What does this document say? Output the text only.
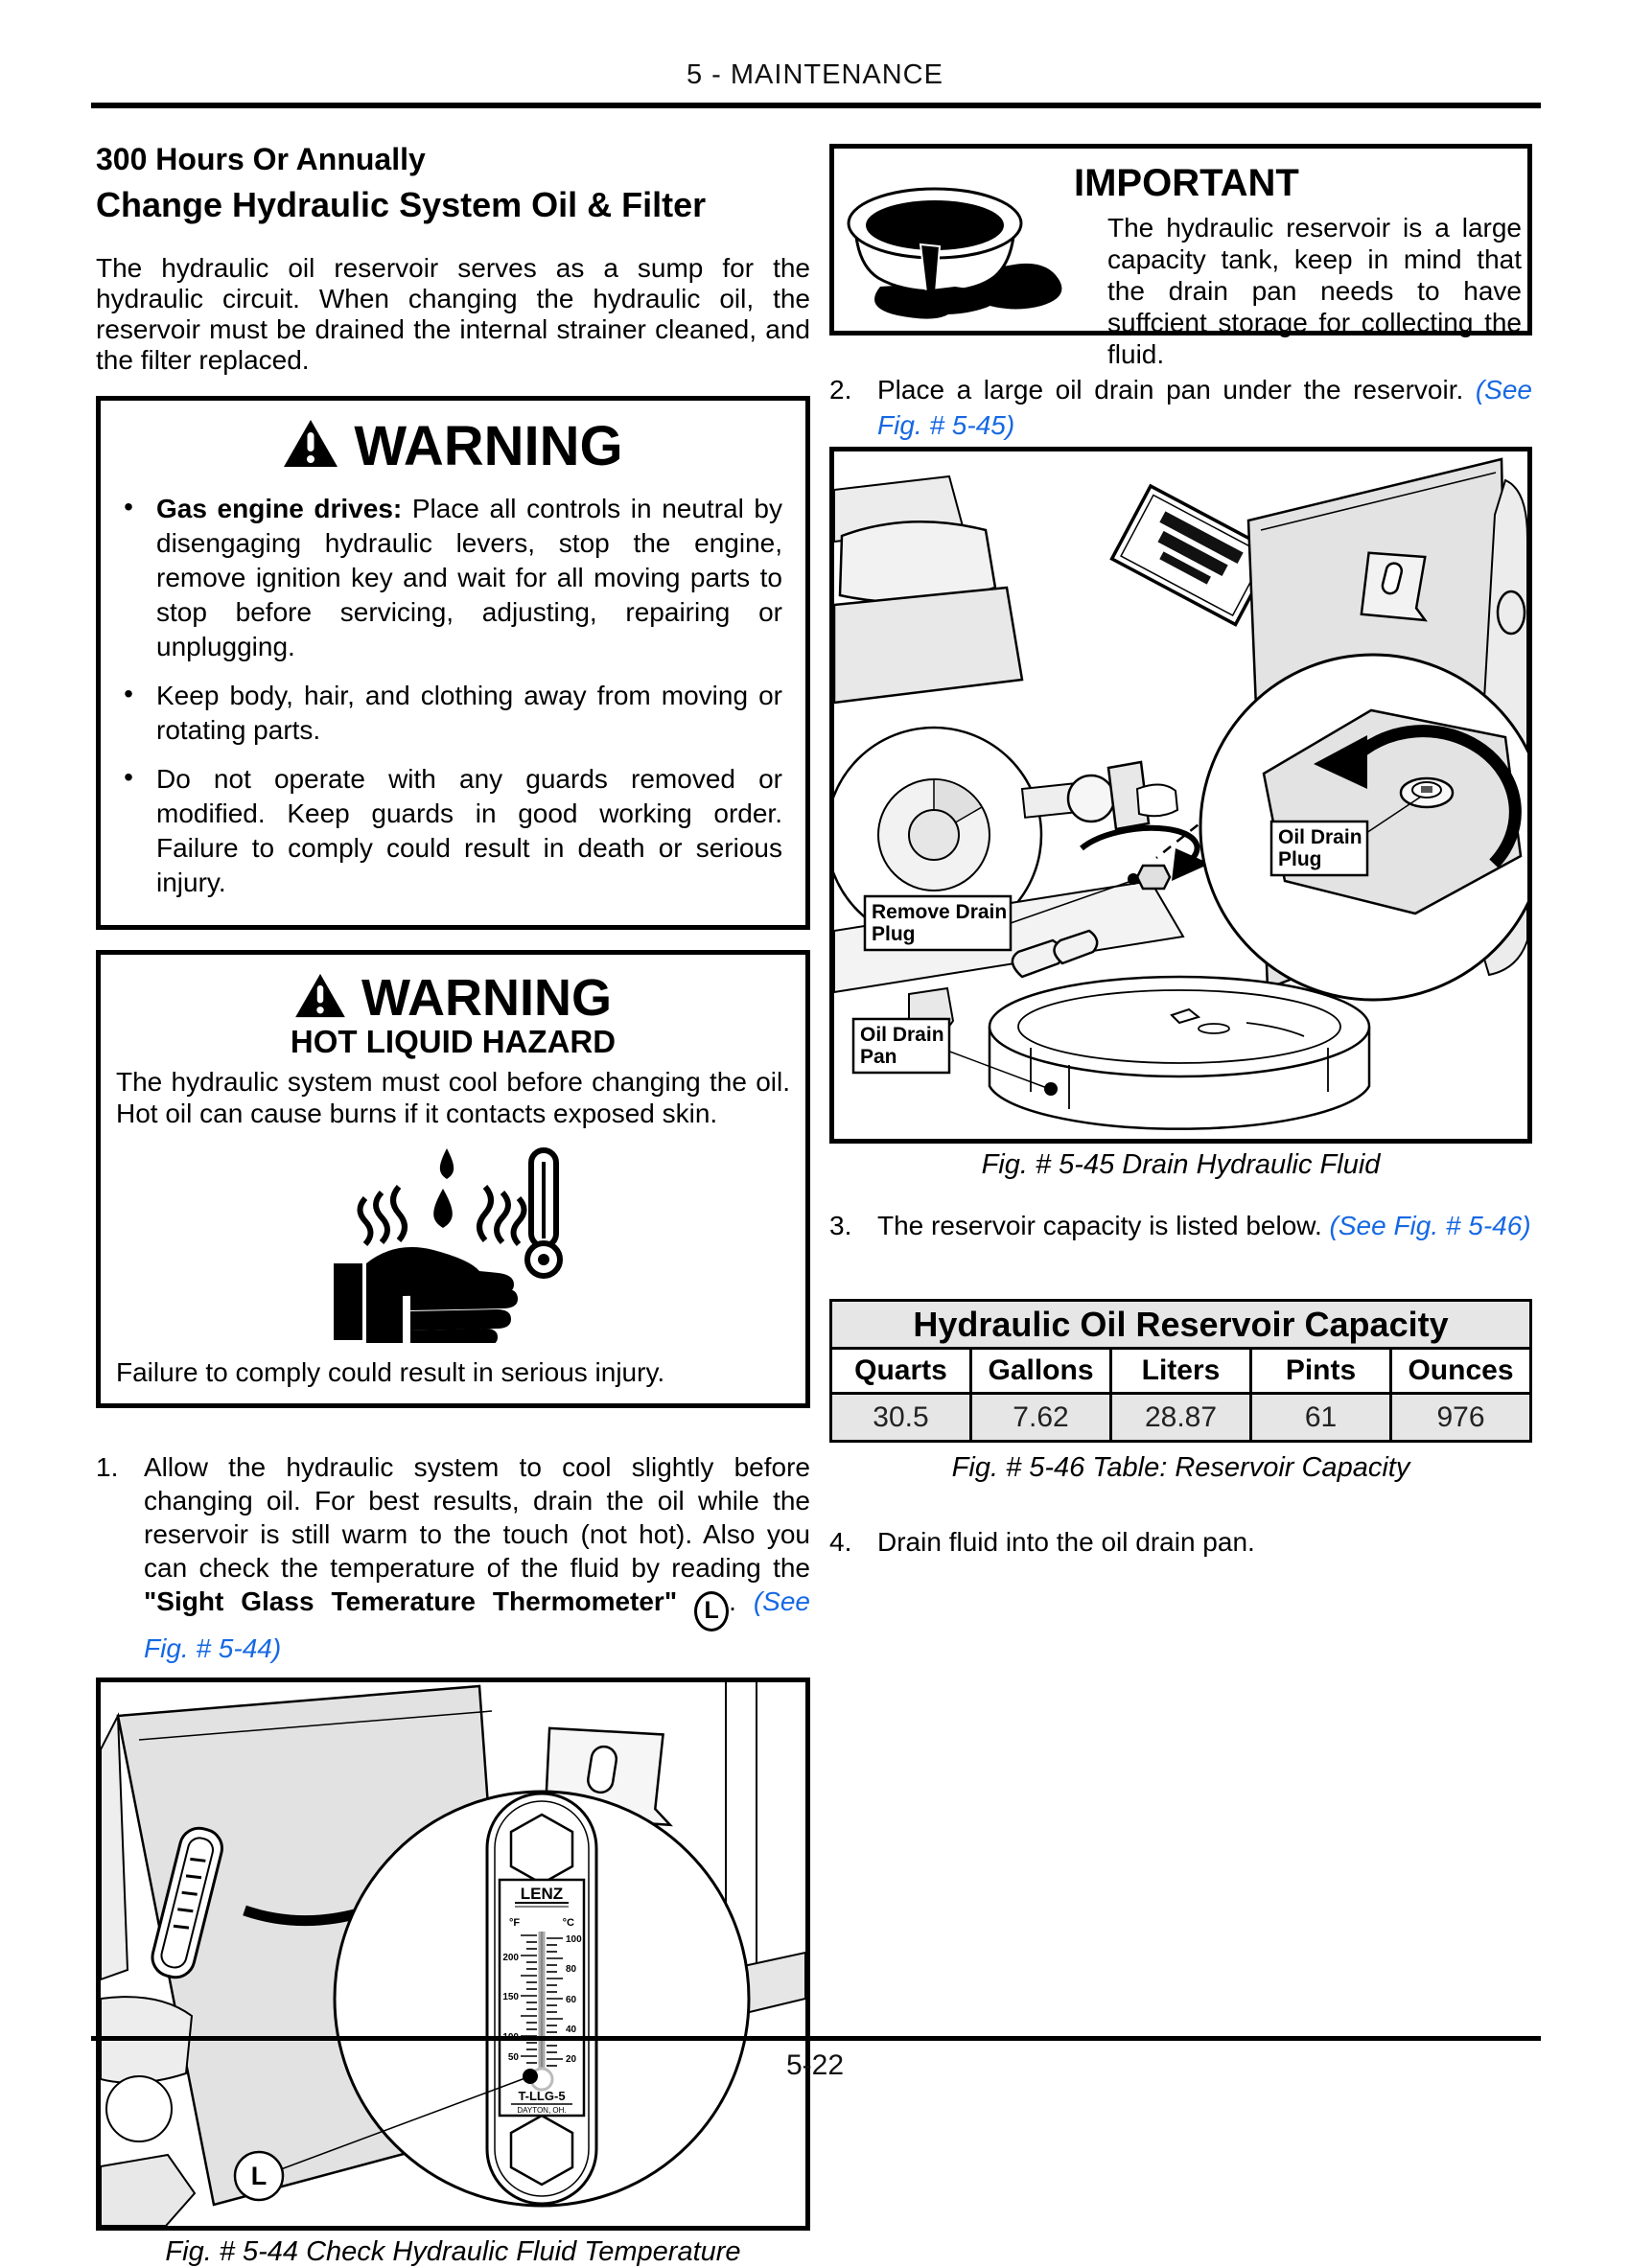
5 - MAINTENANCE
300 Hours Or Annually
Change Hydraulic System Oil & Filter

The hydraulic oil reservoir serves as a sump for the hydraulic circuit. When changing the hydraulic oil, the reservoir must be drained the internal strainer cleaned, and the filter replaced.

WARNING
• Gas engine drives: Place all controls in neutral by disengaging hydraulic levers, stop the engine, remove ignition key and wait for all moving parts to stop before servicing, adjusting, repairing or unplugging.
• Keep body, hair, and clothing away from moving or rotating parts.
• Do not operate with any guards removed or modified. Keep guards in good working order. Failure to comply could result in death or serious injury.
WARNING
HOT LIQUID HAZARD
The hydraulic system must cool before changing the oil. Hot oil can cause burns if it contacts exposed skin.
Failure to comply could result in serious injury.
1. Allow the hydraulic system to cool slightly before changing oil. For best results, drain the oil while the reservoir is still warm to the touch (not hot). Also you can check the temperature of the fluid by reading the "Sight Glass Temerature Thermometer" L . (See Fig. # 5-44)
LENZ
°F	°C
200
150
50
100
80
60
40
20
T-LLG-5
DAYTON, OH.
L
Fig. # 5-44 Check Hydraulic Fluid Temperature
IMPORTANT
The hydraulic reservoir is a large capacity tank, keep in mind that the drain pan needs to have suffcient storage for collecting the fluid.
2. Place a large oil drain pan under the reservoir. (See Fig. # 5-45)
Oil Drain
Plug
Remove Drain
Plug
Oil Drain
Pan
Fig. # 5-45 Drain Hydraulic Fluid
3. The reservoir capacity is listed below. (See Fig. # 5-46)
Hydraulic Oil Reservoir Capacity				
Quarts	Gallons	Liters	Pints	Ounces
30.5	7.62	28.87	61	976
Fig. # 5-46 Table: Reservoir Capacity
4. Drain fluid into the oil drain pan.
5-22
